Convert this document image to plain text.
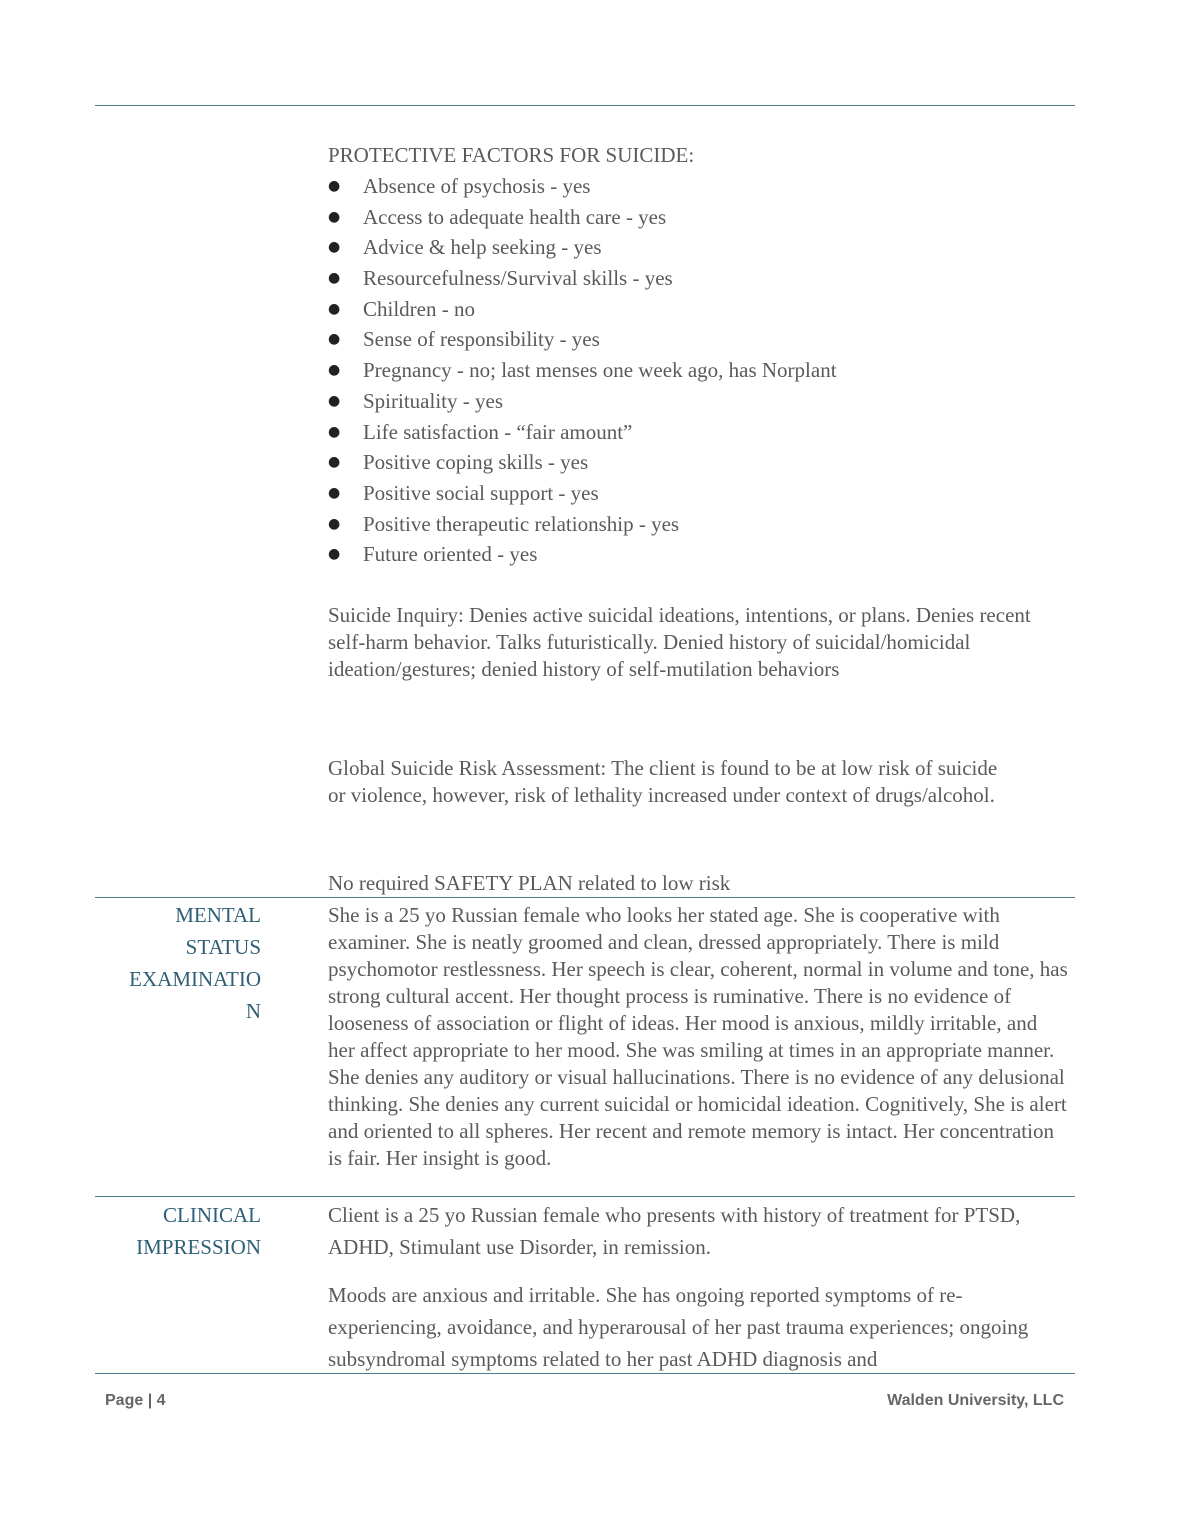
PROTECTIVE FACTORS FOR SUICIDE:
● Absence of psychosis - yes
● Access to adequate health care - yes
● Advice & help seeking - yes
● Resourcefulness/Survival skills - yes
● Children - no
● Sense of responsibility - yes
● Pregnancy - no; last menses one week ago, has Norplant
● Spirituality - yes
● Life satisfaction - “fair amount”
● Positive coping skills - yes
● Positive social support - yes
● Positive therapeutic relationship - yes
● Future oriented - yes

Suicide Inquiry: Denies active suicidal ideations, intentions, or plans. Denies recent self-harm behavior. Talks futuristically. Denied history of suicidal/homicidal ideation/gestures; denied history of self-mutilation behaviors

Global Suicide Risk Assessment: The client is found to be at low risk of suicide or violence, however, risk of lethality increased under context of drugs/alcohol.

No required SAFETY PLAN related to low risk

MENTAL
STATUS
EXAMINATIO
N

She is a 25 yo Russian female who looks her stated age. She is cooperative with examiner. She is neatly groomed and clean, dressed appropriately. There is mild psychomotor restlessness. Her speech is clear, coherent, normal in volume and tone, has strong cultural accent. Her thought process is ruminative. There is no evidence of looseness of association or flight of ideas. Her mood is anxious, mildly irritable, and her affect appropriate to her mood. She was smiling at times in an appropriate manner. She denies any auditory or visual hallucinations. There is no evidence of any delusional thinking. She denies any current suicidal or homicidal ideation. Cognitively, She is alert and oriented to all spheres. Her recent and remote memory is intact. Her concentration is fair. Her insight is good.

CLINICAL
IMPRESSION

Client is a 25 yo Russian female who presents with history of treatment for PTSD, ADHD, Stimulant use Disorder, in remission.

Moods are anxious and irritable. She has ongoing reported symptoms of re-experiencing, avoidance, and hyperarousal of her past trauma experiences; ongoing subsyndromal symptoms related to her past ADHD diagnosis and

Page | 4	Walden University, LLC
